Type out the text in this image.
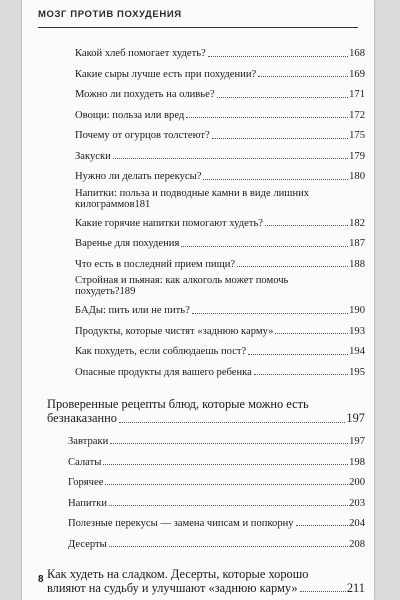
МОЗГ ПРОТИВ ПОХУДЕНИЯ
Какой хлеб помогает худеть?	168
Какие сыры лучше есть при похудении?	169
Можно ли похудеть на оливье?	171
Овощи: польза или вред	172
Почему от огурцов толстеют?	175
Закуски	179
Нужно ли делать перекусы?	180
Напитки: польза и подводные камни в виде лишних
килограммов 181
Какие горячие напитки помогают худеть?	182
Варенье для похудения	187
Что есть в последний прием пищи?	188
Стройная и пьяная: как алкоголь может помочь
похудеть? 189
БАДы: пить или не пить?	190
Продукты, которые чистят «заднюю карму»	193
Как похудеть, если соблюдаешь пост?	194
Опасные продукты для вашего ребенка	195
Проверенные рецепты блюд, которые можно есть
безнаказанно	197
Завтраки	197
Салаты	198
Горячее	200
Напитки	203
Полезные перекусы — замена чипсам и попкорну	204
Десерты	208
Как худеть на сладком. Десерты, которые хорошо
влияют на судьбу и улучшают «заднюю карму»	211
8
